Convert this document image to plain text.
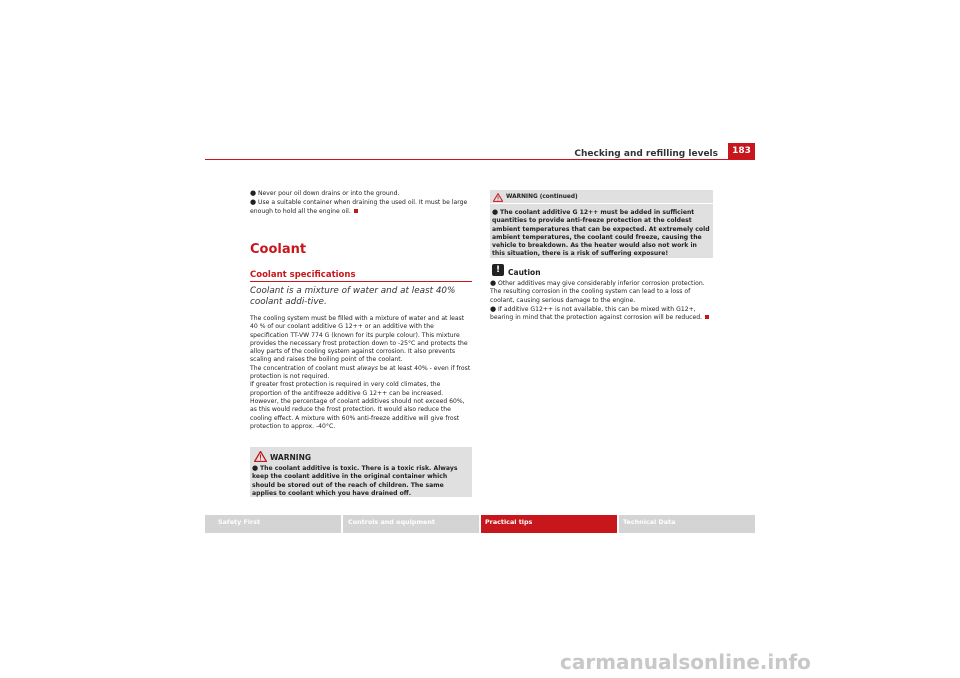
Checking and refilling levels	183
● Never pour oil down drains or into the ground.
● Use a suitable container when draining the used oil. It must be large enough to hold all the engine oil.
Coolant
Coolant specifications
Coolant is a mixture of water and at least 40% coolant addi-tive.

The cooling system must be filled with a mixture of water and at least 40 % of our coolant additive G 12++ or an additive with the specification TT-VW 774 G (known for its purple colour). This mixture provides the necessary frost protection down to -25°C and protects the alloy parts of the cooling system against corrosion. It also prevents scaling and raises the boiling point of the coolant.

The concentration of coolant must always be at least 40% - even if frost protection is not required.

If greater frost protection is required in very cold climates, the proportion of the antifreeze additive G 12++ can be increased. However, the percentage of coolant additives should not exceed 60%, as this would reduce the frost protection. It would also reduce the cooling effect. A mixture with 60% anti-freeze additive will give frost protection to approx. -40°C.

WARNING
● The coolant additive is toxic. There is a toxic risk. Always keep the coolant additive in the original container which should be stored out of the reach of children. The same applies to coolant which you have drained off.
WARNING (continued)
● The coolant additive G 12++ must be added in sufficient quantities to provide anti-freeze protection at the coldest ambient temperatures that can be expected. At extremely cold ambient temperatures, the coolant could freeze, causing the vehicle to breakdown. As the heater would also not work in this situation, there is a risk of suffering exposure!
!	Caution
● Other additives may give considerably inferior corrosion protection. The resulting corrosion in the cooling system can lead to a loss of coolant, causing serious damage to the engine.
● If additive G12++ is not available, this can be mixed with G12+, bearing in mind that the protection against corrosion will be reduced.
Safety First	Controls and equipment	Practical tips	Technical Data
carmanualsonline.info
